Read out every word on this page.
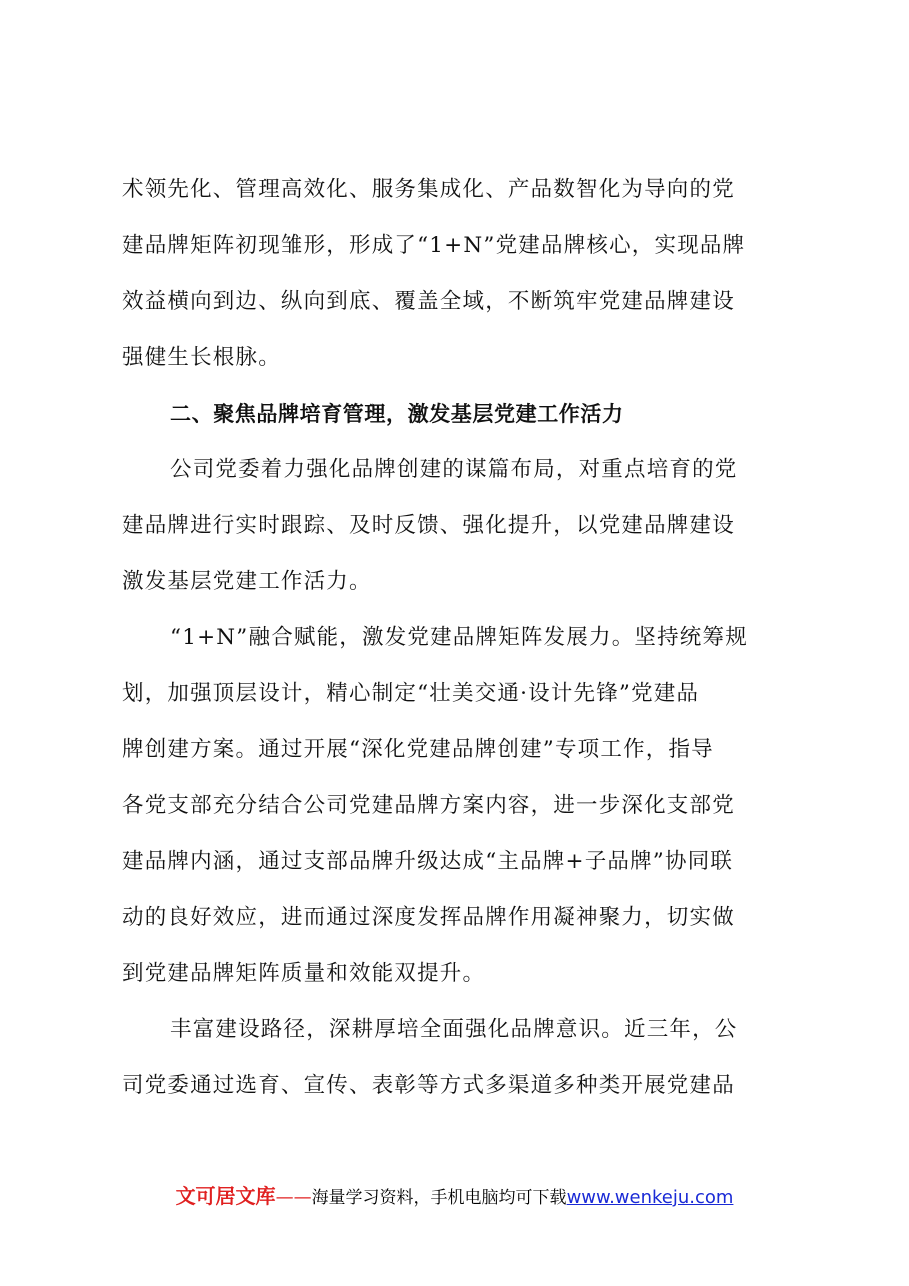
术领先化、管理高效化、服务集成化、产品数智化为导向的党
建品牌矩阵初现雏形，形成了“1+N”党建品牌核心，实现品牌
效益横向到边、纵向到底、覆盖全域，不断筑牢党建品牌建设
强健生长根脉。
二、聚焦品牌培育管理，激发基层党建工作活力
公司党委着力强化品牌创建的谋篇布局，对重点培育的党
建品牌进行实时跟踪、及时反馈、强化提升，以党建品牌建设
激发基层党建工作活力。
“1+N”融合赋能，激发党建品牌矩阵发展力。坚持统筹规
划，加强顶层设计，精心制定“壮美交通·设计先锋”党建品
牌创建方案。通过开展“深化党建品牌创建”专项工作，指导
各党支部充分结合公司党建品牌方案内容，进一步深化支部党
建品牌内涵，通过支部品牌升级达成“主品牌+子品牌”协同联
动的良好效应，进而通过深度发挥品牌作用凝神聚力，切实做
到党建品牌矩阵质量和效能双提升。
丰富建设路径，深耕厚培全面强化品牌意识。近三年，公
司党委通过选育、宣传、表彰等方式多渠道多种类开展党建品
文可居文库——海量学习资料，手机电脑均可下载www.wenkeju.com
